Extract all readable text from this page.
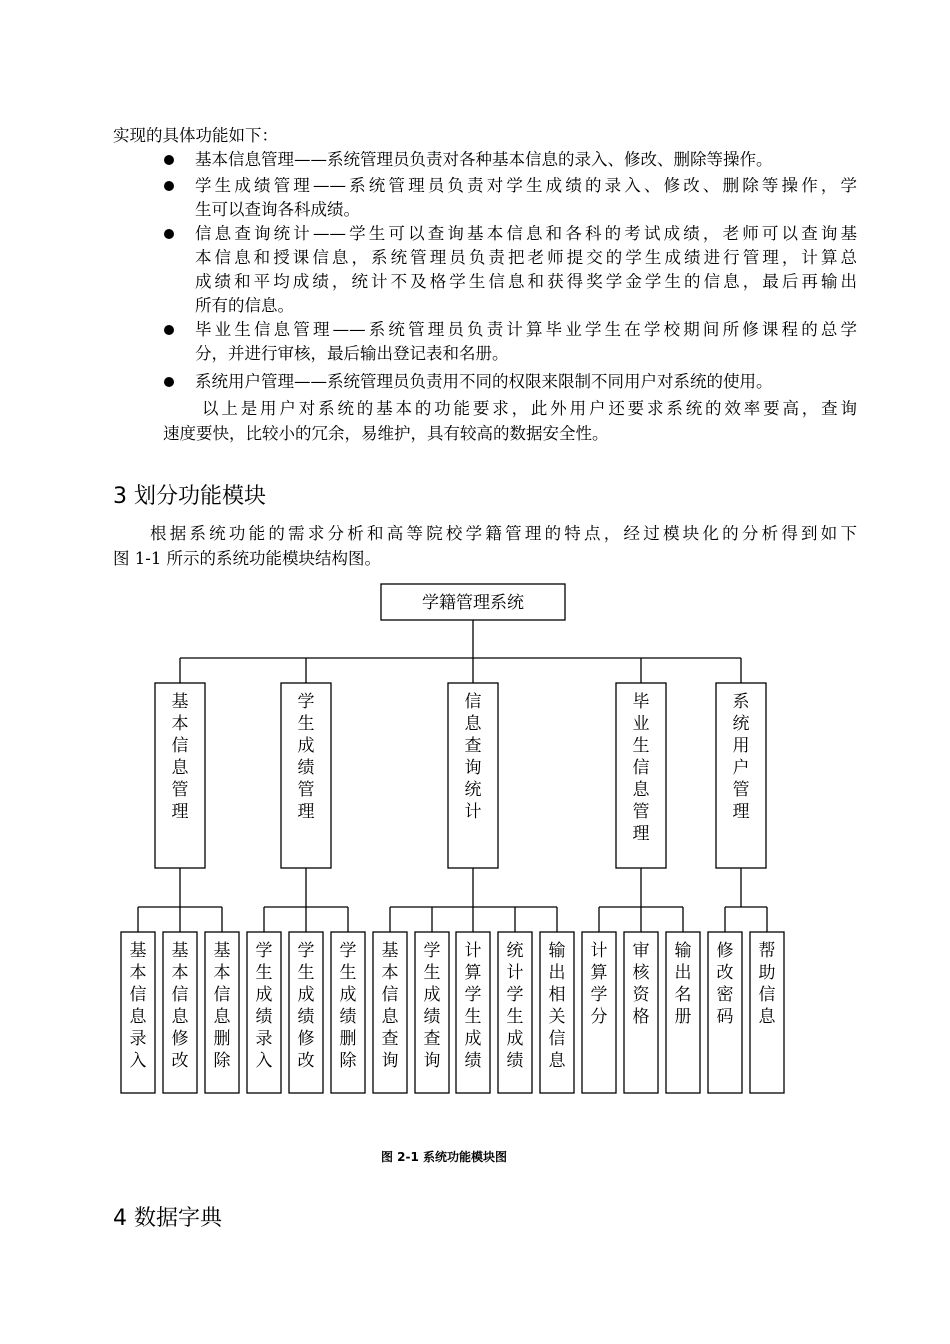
实现的具体功能如下：
基本信息管理——系统管理员负责对各种基本信息的录入、修改、删除等操作。
学生成绩管理——系统管理员负责对学生成绩的录入、修改、删除等操作，学
生可以查询各科成绩。
信息查询统计——学生可以查询基本信息和各科的考试成绩，老师可以查询基
本信息和授课信息，系统管理员负责把老师提交的学生成绩进行管理，计算总
成绩和平均成绩，统计不及格学生信息和获得奖学金学生的信息，最后再输出
所有的信息。
毕业生信息管理——系统管理员负责计算毕业学生在学校期间所修课程的总学
分，并进行审核，最后输出登记表和名册。
系统用户管理——系统管理员负责用不同的权限来限制不同用户对系统的使用。
以上是用户对系统的基本的功能要求，此外用户还要求系统的效率要高，查询
速度要快，比较小的冗余，易维护，具有较高的数据安全性。
3 划分功能模块
根据系统功能的需求分析和高等院校学籍管理的特点，经过模块化的分析得到如下
图 1-1 所示的系统功能模块结构图。
学籍管理系统
基本信息管理
基本信息录入
基本信息修改
基本信息删除
学生成绩管理
学生成绩录入
学生成绩修改
学生成绩删除
信息查询统计
基本信息查询
学生成绩查询
计算学生成绩
统计学生成绩
输出相关信息
毕业生信息管理
计算学分
审核资格
输出名册
系统用户管理
修改密码
帮助信息
图 2-1 系统功能模块图
4 数据字典
